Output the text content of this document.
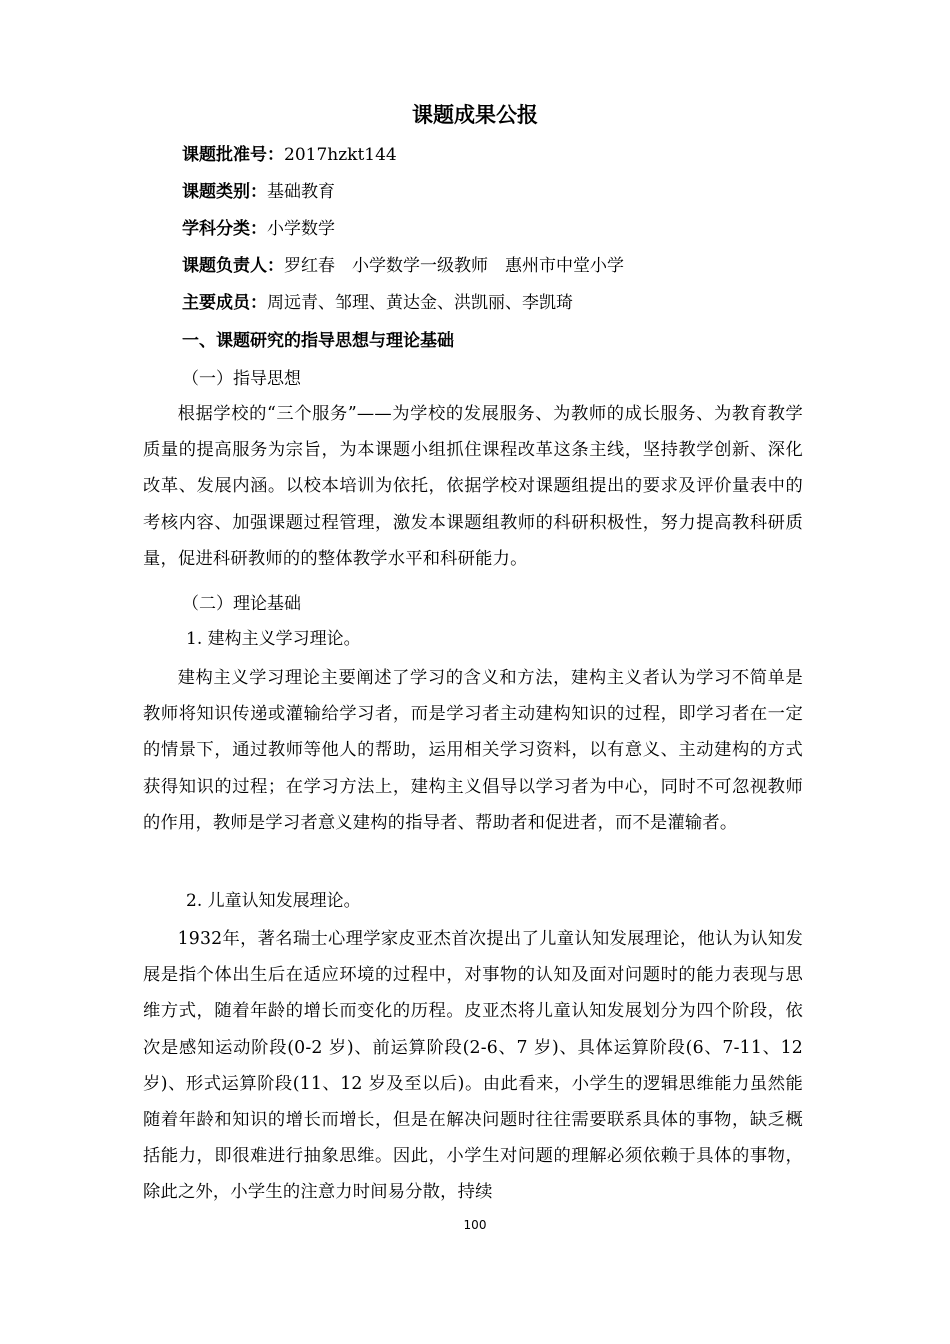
课题成果公报
课题批准号：2017hzkt144
课题类别：基础教育
学科分类：小学数学
课题负责人：罗红春　小学数学一级教师　惠州市中堂小学
主要成员：周远青、邹理、黄达金、洪凯丽、李凯琦
一、课题研究的指导思想与理论基础
（一）指导思想
根据学校的“三个服务”——为学校的发展服务、为教师的成长服务、为教育教学质量的提高服务为宗旨，为本课题小组抓住课程改革这条主线，坚持教学创新、深化改革、发展内涵。以校本培训为依托，依据学校对课题组提出的要求及评价量表中的考核内容、加强课题过程管理，激发本课题组教师的科研积极性，努力提高教科研质量，促进科研教师的的整体教学水平和科研能力。
（二）理论基础
1. 建构主义学习理论。
建构主义学习理论主要阐述了学习的含义和方法，建构主义者认为学习不简单是教师将知识传递或灌输给学习者，而是学习者主动建构知识的过程，即学习者在一定的情景下，通过教师等他人的帮助，运用相关学习资料，以有意义、主动建构的方式获得知识的过程；在学习方法上，建构主义倡导以学习者为中心，同时不可忽视教师的作用，教师是学习者意义建构的指导者、帮助者和促进者，而不是灌输者。
2. 儿童认知发展理论。
1932年，著名瑞士心理学家皮亚杰首次提出了儿童认知发展理论，他认为认知发展是指个体出生后在适应环境的过程中，对事物的认知及面对问题时的能力表现与思维方式，随着年龄的增长而变化的历程。皮亚杰将儿童认知发展划分为四个阶段，依次是感知运动阶段(0-2 岁)、前运算阶段(2-6、7 岁)、具体运算阶段(6、7-11、12 岁)、形式运算阶段(11、12 岁及至以后)。由此看来，小学生的逻辑思维能力虽然能随着年龄和知识的增长而增长，但是在解决问题时往往需要联系具体的事物，缺乏概括能力，即很难进行抽象思维。因此，小学生对问题的理解必须依赖于具体的事物，除此之外，小学生的注意力时间易分散，持续
100
